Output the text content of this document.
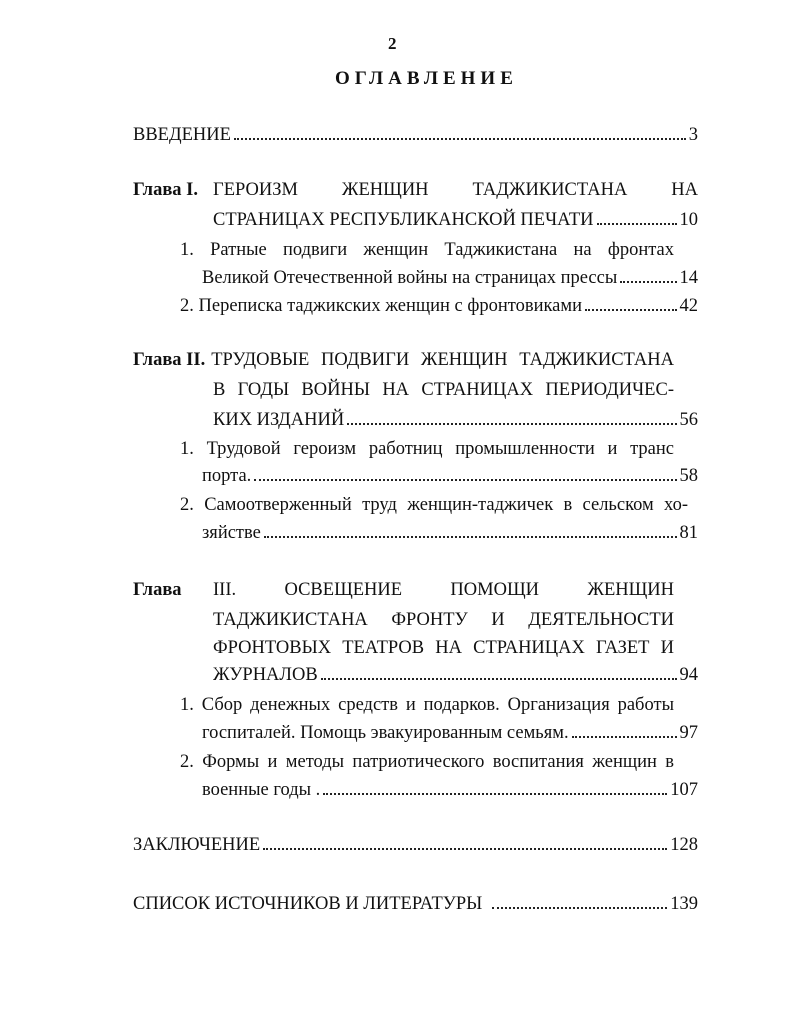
2
ОГЛАВЛЕНИЕ
ВВЕДЕНИЕ	3
Глава I. ГЕРОИЗМ ЖЕНЩИН ТАДЖИКИСТАНА НА
СТРАНИЦАХ РЕСПУБЛИКАНСКОЙ ПЕЧАТИ	10
1. Ратные подвиги женщин Таджикистана на фронтах
Великой Отечественной войны на страницах прессы	14
2. Переписка таджикских женщин с фронтовиками	42
Глава II. ТРУДОВЫЕ ПОДВИГИ ЖЕНЩИН ТАДЖИКИСТАНА
В ГОДЫ ВОЙНЫ НА СТРАНИЦАХ ПЕРИОДИЧЕС-
КИХ ИЗДАНИЙ	56
1. Трудовой героизм работниц промышленности и транс
порта.	58
2. Самоотверженный труд женщин-таджичек в сельском хо-
зяйстве	81
Глава	III. ОСВЕЩЕНИЕ ПОМОЩИ ЖЕНЩИН
ТАДЖИКИСТАНА ФРОНТУ И ДЕЯТЕЛЬНОСТИ
ФРОНТОВЫХ ТЕАТРОВ НА СТРАНИЦАХ ГАЗЕТ И
ЖУРНАЛОВ	94
1. Сбор денежных средств и подарков. Организация работы
госпиталей. Помощь эвакуированным семьям.	97
2. Формы и методы патриотического воспитания женщин в
военные годы .	107
ЗАКЛЮЧЕНИЕ	128
СПИСОК ИСТОЧНИКОВ И ЛИТЕРАТУРЫ	139
